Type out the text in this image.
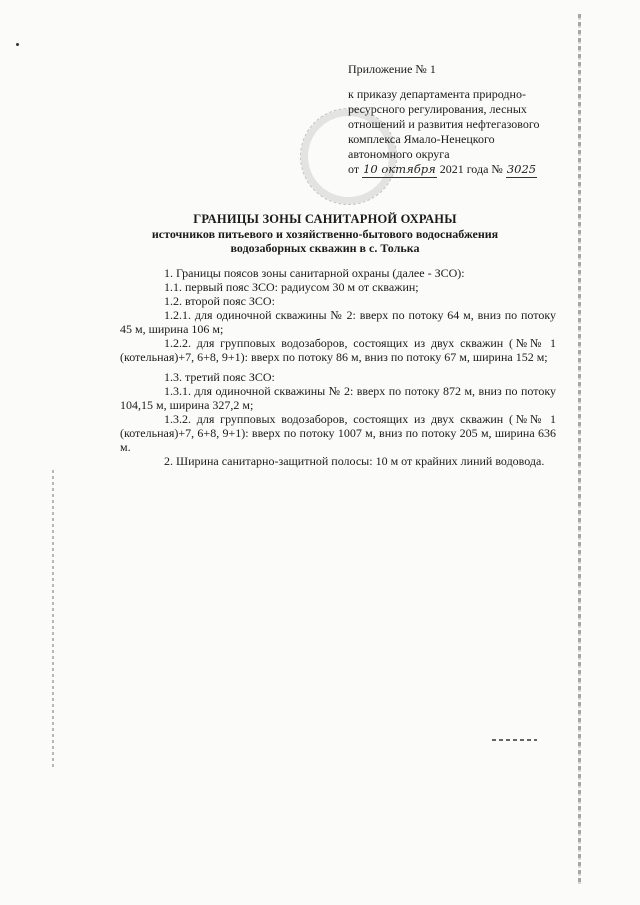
Приложение № 1
к приказу департамента природно-
ресурсного регулирования, лесных
отношений и развития нефтегазового
комплекса Ямало-Ненецкого
автономного округа
от 10 октября 2021 года № 3025
ГРАНИЦЫ ЗОНЫ САНИТАРНОЙ ОХРАНЫ
источников питьевого и хозяйственно-бытового водоснабжения
водозаборных скважин в с. Толька

1. Границы поясов зоны санитарной охраны (далее - ЗСО):

1.1. первый пояс ЗСО: радиусом 30 м от скважин;

1.2. второй пояс ЗСО:

1.2.1. для одиночной скважины № 2: вверх по потоку 64 м, вниз по потоку 45 м, ширина 106 м;

1.2.2. для групповых водозаборов, состоящих из двух скважин (№№ 1 (котельная)+7, 6+8, 9+1): вверх по потоку 86 м, вниз по потоку 67 м, ширина 152 м;

1.3. третий пояс ЗСО:

1.3.1. для одиночной скважины № 2: вверх по потоку 872 м, вниз по потоку 104,15 м, ширина 327,2 м;

1.3.2. для групповых водозаборов, состоящих из двух скважин (№№ 1 (котельная)+7, 6+8, 9+1): вверх по потоку 1007 м, вниз по потоку 205 м, ширина 636 м.

2. Ширина санитарно-защитной полосы: 10 м от крайних линий водовода.
